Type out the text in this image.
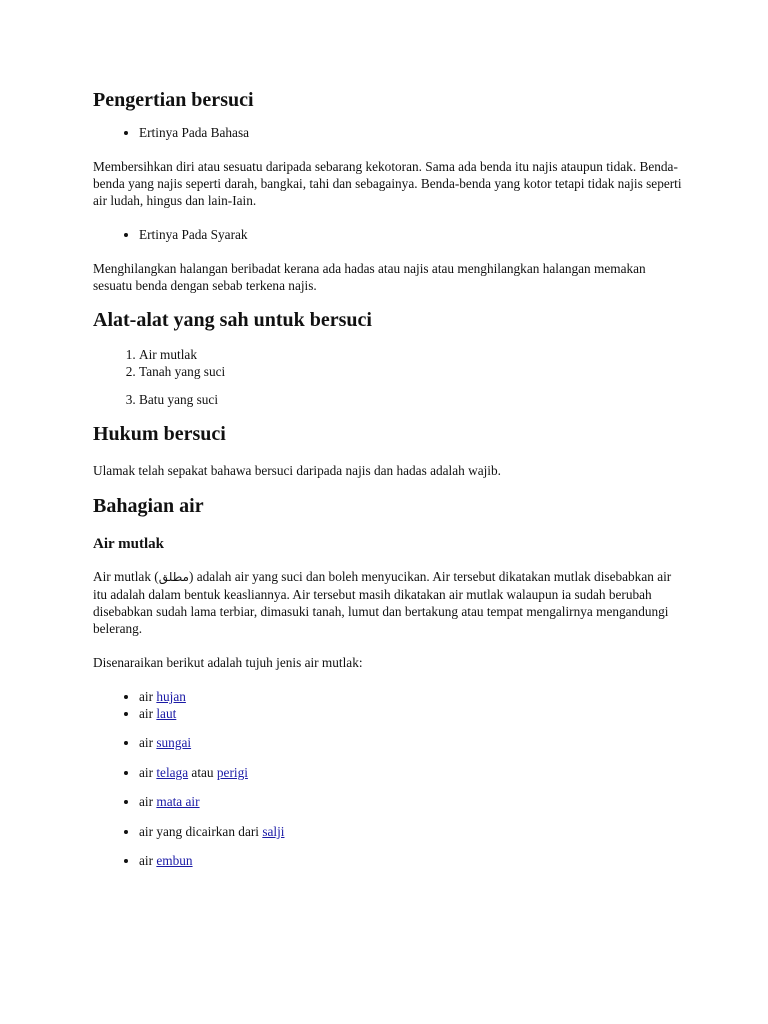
Pengertian bersuci
• Ertinya Pada Bahasa

Membersihkan diri atau sesuatu daripada sebarang kekotoran. Sama ada benda itu najis ataupun tidak. Benda-benda yang najis seperti darah, bangkai, tahi dan sebagainya. Benda-benda yang kotor tetapi tidak najis seperti air ludah, hingus dan lain-Iain.

• Ertinya Pada Syarak

Menghilangkan halangan beribadat kerana ada hadas atau najis atau menghilangkan halangan memakan sesuatu benda dengan sebab terkena najis.

Alat-alat yang sah untuk bersuci
1. Air mutlak
2. Tanah yang suci
3. Batu yang suci
Hukum bersuci

Ulamak telah sepakat bahawa bersuci daripada najis dan hadas adalah wajib.

Bahagian air
Air mutlak

Air mutlak (مطلق) adalah air yang suci dan boleh menyucikan. Air tersebut dikatakan mutlak disebabkan air itu adalah dalam bentuk keasliannya. Air tersebut masih dikatakan air mutlak walaupun ia sudah berubah disebabkan sudah lama terbiar, dimasuki tanah, lumut dan bertakung atau tempat mengalirnya mengandungi belerang.

Disenaraikan berikut adalah tujuh jenis air mutlak:

• air hujan
• air laut
• air sungai
• air telaga atau perigi
• air mata air
• air yang dicairkan dari salji
• air embun
